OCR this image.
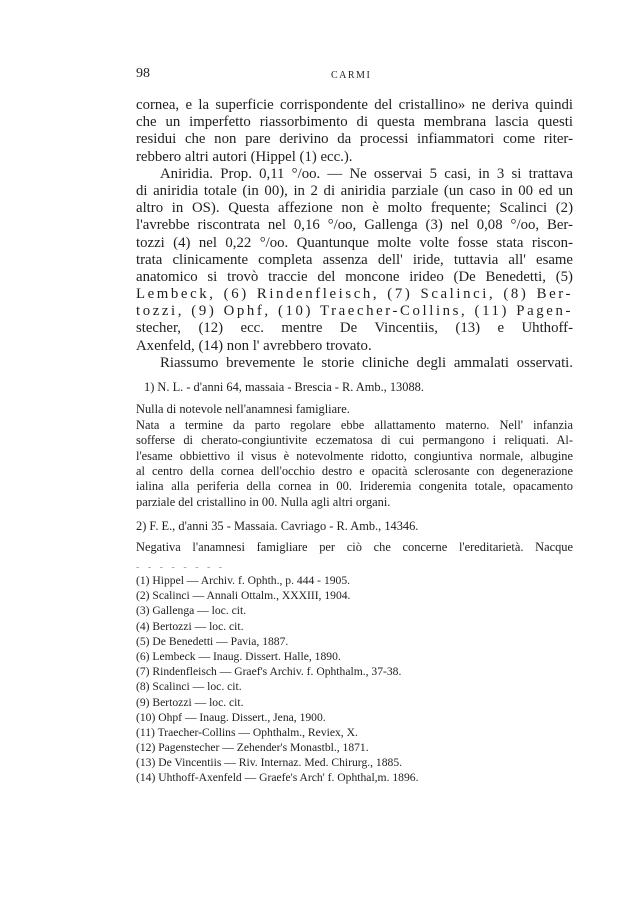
98	CARMI
cornea, e la superficie corrispondente del cristallino» ne deriva quindi
che un imperfetto riassorbimento di questa membrana lascia questi
residui che non pare derivino da processi infiammatori come riter-
rebbero altri autori (Hippel (1) ecc.).
Aniridia. Prop. 0,11 °/oo. — Ne osservai 5 casi, in 3 si trattava
di aniridia totale (in 00), in 2 di aniridia parziale (un caso in 00 ed un
altro in OS). Questa affezione non è molto frequente; Scalinci (2)
l'avrebbe riscontrata nel 0,16 °/oo, Gallenga (3) nel 0,08 °/oo, Ber-
tozzi (4) nel 0,22 °/oo. Quantunque molte volte fosse stata riscon-
trata clinicamente completa assenza dell' iride, tuttavia all' esame
anatomico si trovò traccie del moncone irideo (De Benedetti, (5)
Lembeck, (6) Rindenfleisch, (7) Scalinci, (8) Ber-
tozzi, (9) Ophf, (10) Traecher-Collins, (11) Pagen-
stecher, (12) ecc. mentre De Vincentiis, (13) e Uhthoff-
Axenfeld, (14) non l' avrebbero trovato.
Riassumo brevemente le storie cliniche degli ammalati osservati.
1) N. L. - d'anni 64, massaia - Brescia - R. Amb., 13088.
Nulla di notevole nell'anamnesi famigliare.
Nata a termine da parto regolare ebbe allattamento materno. Nell' infanzia
sofferse di cherato-congiuntivite eczematosa di cui permangono i reliquati. Al-
l'esame obbiettivo il visus è notevolmente ridotto, congiuntiva normale, albugine
al centro della cornea dell'occhio destro e opacità sclerosante con degenerazione
ialina alla periferia della cornea in 00. Irideremia congenita totale, opacamento
parziale del cristallino in 00. Nulla agli altri organi.
2) F. E., d'anni 35 - Massaia. Cavriago - R. Amb., 14346.
Negativa l'anamnesi famigliare per ciò che concerne l'ereditarietà. Nacque
- - - - - - - -
(1) Hippel — Archiv. f. Ophth., p. 444 - 1905.
(2) Scalinci — Annali Ottalm., XXXIII, 1904.
(3) Gallenga — loc. cit.
(4) Bertozzi — loc. cit.
(5) De Benedetti — Pavia, 1887.
(6) Lembeck — Inaug. Dissert. Halle, 1890.
(7) Rindenfleisch — Graef's Archiv. f. Ophthalm., 37-38.
(8) Scalinci — loc. cit.
(9) Bertozzi — loc. cit.
(10) Ohpf — Inaug. Dissert., Jena, 1900.
(11) Traecher-Collins — Ophthalm., Reviex, X.
(12) Pagenstecher — Zehender's Monastbl., 1871.
(13) De Vincentiis — Riv. Internaz. Med. Chirurg., 1885.
(14) Uhthoff-Axenfeld — Graefe's Arch' f. Ophthal,m. 1896.
